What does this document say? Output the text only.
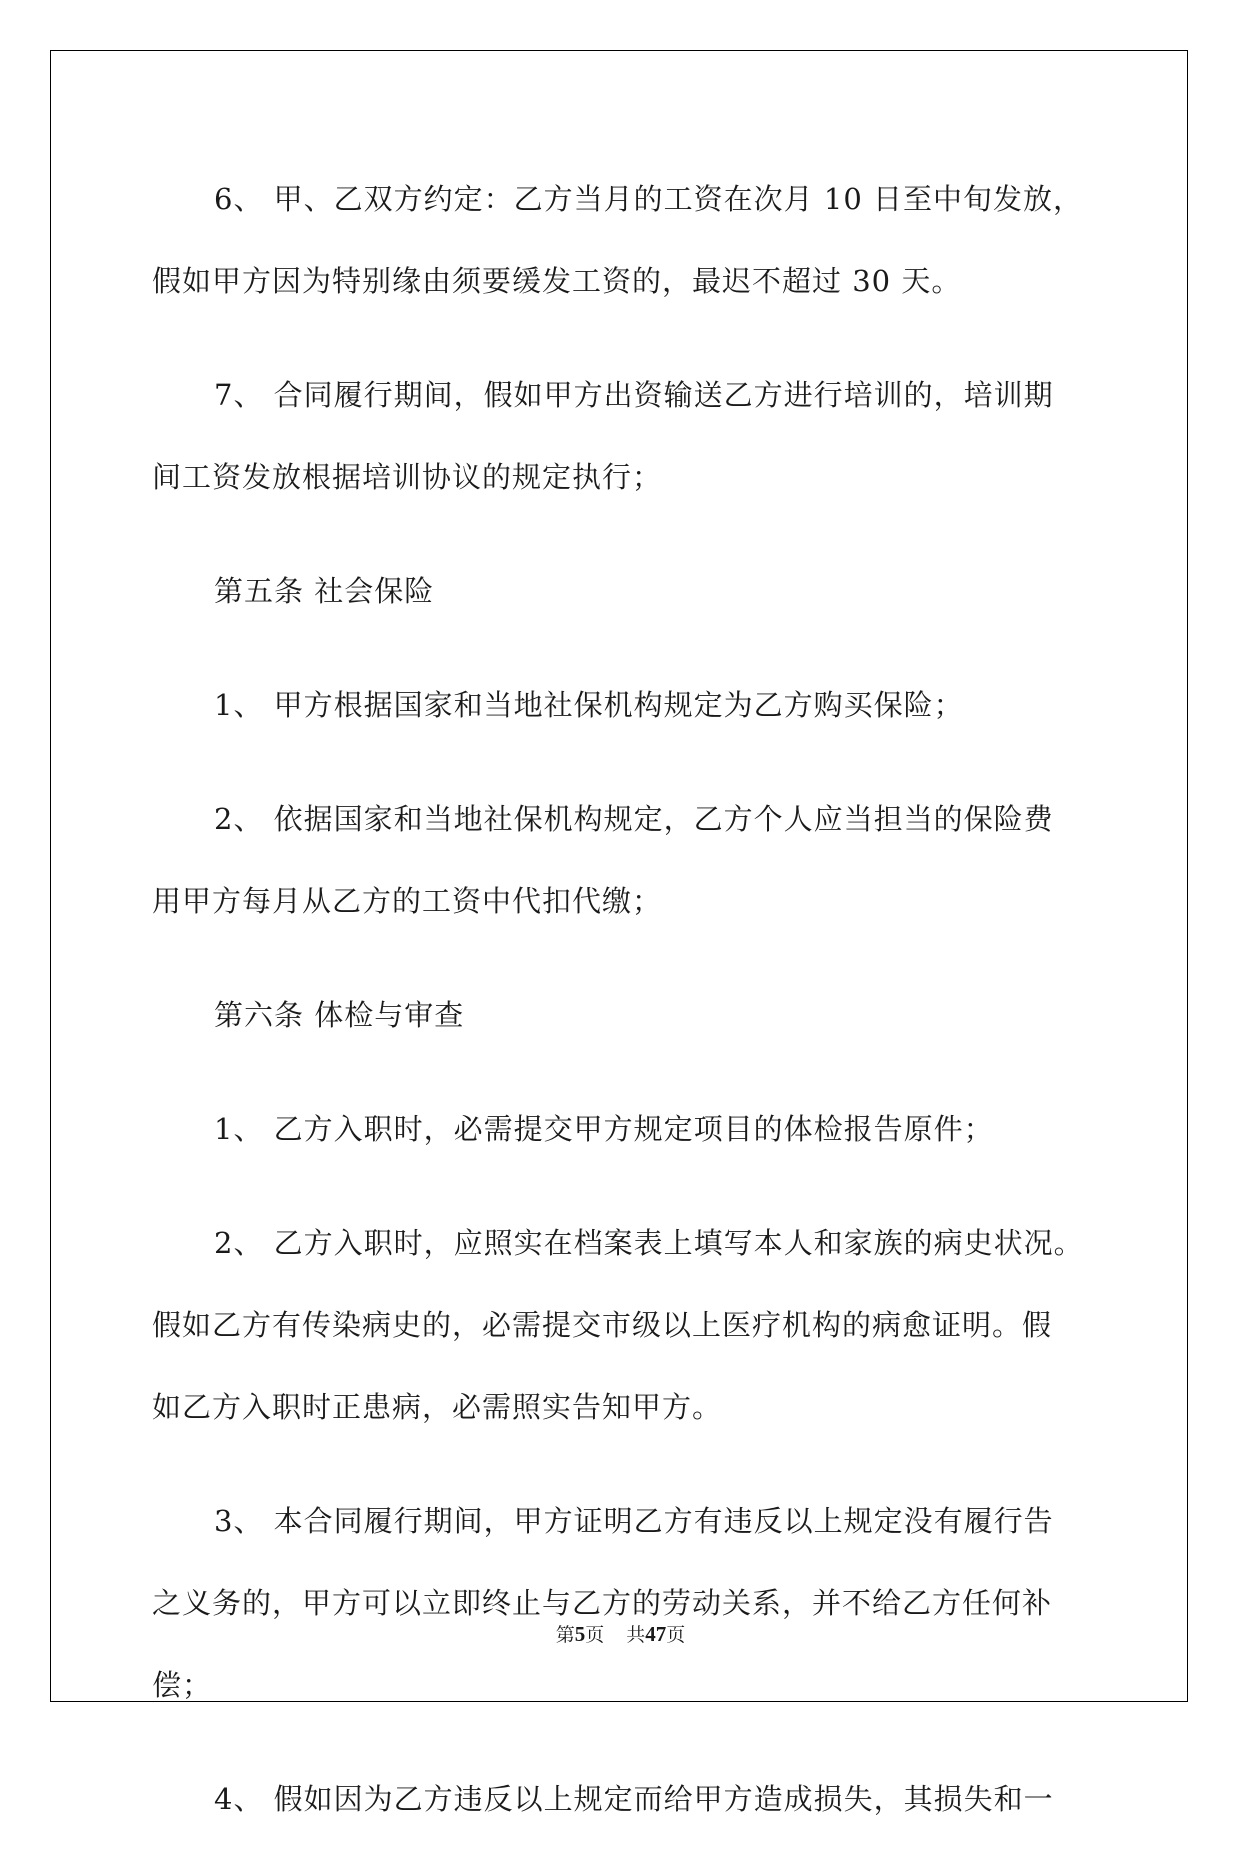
6、 甲、乙双方约定：乙方当月的工资在次月 10 日至中旬发放，
假如甲方因为特别缘由须要缓发工资的，最迟不超过 30 天。

7、 合同履行期间，假如甲方出资输送乙方进行培训的，培训期
间工资发放根据培训协议的规定执行；

第五条 社会保险

1、 甲方根据国家和当地社保机构规定为乙方购买保险；

2、 依据国家和当地社保机构规定，乙方个人应当担当的保险费
用甲方每月从乙方的工资中代扣代缴；

第六条 体检与审查

1、 乙方入职时，必需提交甲方规定项目的体检报告原件；

2、 乙方入职时，应照实在档案表上填写本人和家族的病史状况。
假如乙方有传染病史的，必需提交市级以上医疗机构的病愈证明。假
如乙方入职时正患病，必需照实告知甲方。

3、 本合同履行期间，甲方证明乙方有违反以上规定没有履行告
之义务的，甲方可以立即终止与乙方的劳动关系，并不给乙方任何补
偿；

4、 假如因为乙方违反以上规定而给甲方造成损失，其损失和一

第5页 共47页
